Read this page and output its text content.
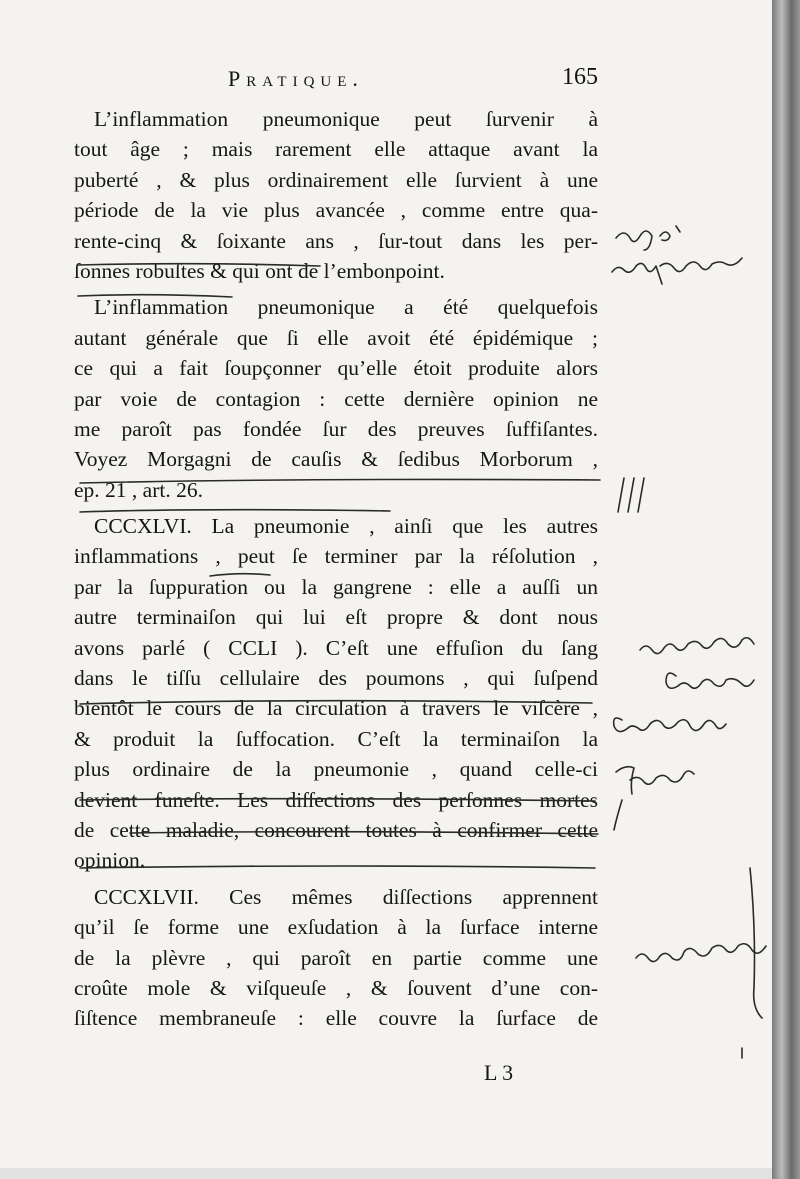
Pratique.	165
L’inflammation pneumonique peut ſurvenir à
tout âge ; mais rarement elle attaque avant la
puberté , & plus ordinairement elle ſurvient à une
période de la vie plus avancée , comme entre qua-
rente-cinq & ſoixante ans , ſur-tout dans les per-
ſonnes robuſtes & qui ont de l’embonpoint.
L’inflammation pneumonique a été quelquefois
autant générale que ſi elle avoit été épidémique ;
ce qui a fait ſoupçonner qu’elle étoit produite alors
par voie de contagion : cette dernière opinion ne
me paroît pas fondée ſur des preuves ſuffiſantes.
Voyez Morgagni de cauſis & ſedibus Morborum ,
ep. 21 , art. 26.
CCCXLVI. La pneumonie , ainſi que les autres
inflammations , peut ſe terminer par la réſolution ,
par la ſuppuration ou la gangrene : elle a auſſi un
autre terminaiſon qui lui eſt propre & dont nous
avons parlé ( CCLI ). C’eſt une effuſion du ſang
dans le tiſſu cellulaire des poumons , qui ſuſpend
bientôt le cours de la circulation à travers le viſcère ,
& produit la ſuffocation. C’eſt la terminaiſon la
plus ordinaire de la pneumonie , quand celle-ci
devient funeſte. Les diſſections des perſonnes mortes
de cette maladie, concourent toutes à confirmer cette
opinion.
CCCXLVII. Ces mêmes diſſections apprennent
qu’il ſe forme une exſudation à la ſurface interne
de la plèvre , qui paroît en partie comme une
croûte mole & viſqueuſe , & ſouvent d’une con-
ſiſtence membraneuſe : elle couvre la ſurface de
L 3
